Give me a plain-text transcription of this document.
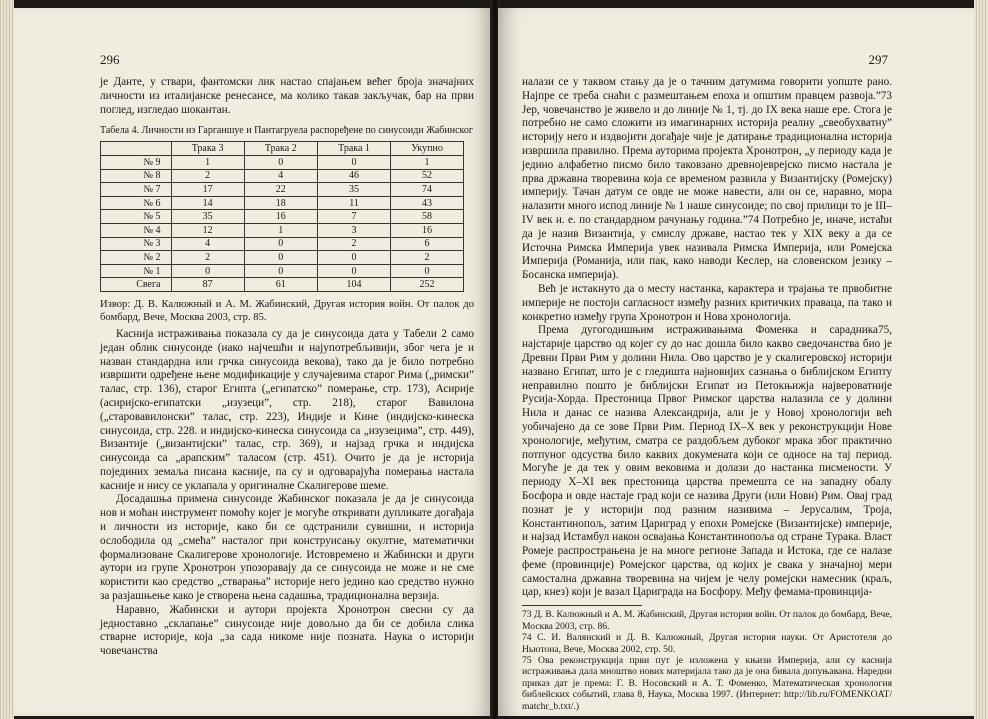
296

је Данте, у ствари, фантомски лик настао спајањем већег броја значајних личности из италијанске ренесансе, ма колико такав закључак, бар на први поглед, изгледао шокантан.

Табела 4. Личности из Гарганшуе и Пантагруела распоређене по синусоиди Жабинског
	Трака 3	Трака 2	Трака 1	Укупно
№ 9	1	0	0	1
№ 8	2	4	46	52
№ 7	17	22	35	74
№ 6	14	18	11	43
№ 5	35	16	7	58
№ 4	12	1	3	16
№ 3	4	0	2	6
№ 2	2	0	0	2
№ 1	0	0	0	0
Свега	87	61	104	252

Извор: Д. В. Калюжный и А. М. Жабинский, Другая история войн. От палок до бомбард, Вече, Москва 2003, стр. 85.

Каснија истраживања показала су да је синусоида дата у Табели 2 само један облик синусоиде (иако најчешћи и најупотребљивији, због чега је и назван стандардна или грчка синусоида векова), тако да је било потребно извршити одређене њене модификације у случајевима старог Рима („римски” талас, стр. 136), старог Египта („египатско” померање, стр. 173), Асирије (асиријско-египатски „изузеци”, стр. 218), старог Вавилона („старовавилонски” талас, стр. 223), Индије и Кине (индијско-кинеска синусоида, стр. 228. и индијско-кинеска синусоида са „изузецима”, стр. 449), Византије („византијски” талас, стр. 369), и најзад грчка и индијска синусоида са „арапским” таласом (стр. 451). Очито је да је историја појединих земаља писана касније, па су и одговарајућа померања настала касније и нису се уклапала у оригиналне Скалигерове шеме.

Досадашња примена синусоиде Жабинског показала је да је синусоида нов и моћан инструмент помоћу којег је могуће откривати дупликате догађаја и личности из историје, како би се одстранили сувишни, и историја ослободила од „смећа” насталог при конструисању окултне, математички формализоване Скалигерове хронологије. Истовремено и Жабински и други аутори из групе Хронотрон упозоравају да се синусоида не може и не сме користити као средство „стварања” историје него једино као средство нужно за разјашњење како је створена њена садашња, традиционална верзија.

Наравно, Жабински и аутори пројекта Хронотрон свесни су да једноставно „склапање” синусоиде није довољно да би се добила слика стварне историје, која „за сада никоме није позната. Наука о историји човечанства

297

налази се у таквом стању да је о тачним датумима говорити уопште рано. Најпре се треба снаћи с размештањем епоха и општим правцем развоја.”73 Јер, човечанство је живело и до линије № 1, тј. до IX века наше ере. Стога је потребно не само сложити из имагинарних историја реалну „свеобухватну” историју него и издвојити догађаје чије је датирање традиционална историја извршила правилно. Према ауторима пројекта Хронотрон, „у периоду када је једино алфабетно писмо било таковзано древнојеврејско писмо настала је прва државна творевина која се временом развила у Византијску (Ромејску) империју. Тачан датум се овде не може навести, али он се, наравно, мора налазити много испод линије № 1 наше синусоиде; по свој прилици то је III–IV век н. е. по стандардном рачунању година.”74 Потребно је, иначе, истаћи да је назив Византија, у смислу државе, настао тек у XIX веку а да се Источна Римска Империја увек називала Римска Империја, или Ромејска Империја (Романија, или пак, како наводи Кеслер, на словенском језику – Босанска империја).

Већ је истакнуто да о месту настанка, карактера и трајања те првобитне империје не постоји сагласност између разних критичких праваца, па тако и конкретно између група Хронотрон и Нова хронологија.

Према дугогодишњим истраживањима Фоменка и сарадника75, најстарије царство од којег су до нас дошла било какво сведочанства био је Древни Први Рим у долини Нила. Ово царство је у скалигеровској историји названо Египат, што је с гледишта најновијих сазнања о библијском Египту неправилно пошто је библијски Египат из Петокњижја највероватније Русија-Хорда. Престоница Првог Римског царства налазила се у долини Нила и данас се назива Александрија, али је у Новој хронологији већ уобичајено да се зове Први Рим. Период IX–X век у реконструкцији Нове хронологије, међутим, сматра се раздобљем дубоког мрака због практично потпуног одсуства било каквих докумената који се односе на тај период. Могуће је да тек у овим вековима и долази до настанка писмености. У периоду X–XI век престоница царства премешта се на западну обалу Босфора и овде настаје град који се назива Други (или Нови) Рим. Овај град познат је у историји под разним називима – Јерусалим, Троја, Константинопољ, затим Цариград у епохи Ромејске (Византијске) империје, и најзад Истамбул након освајања Константинопоља од стране Турака. Власт Ромеје распрострањена је на многе регионе Запада и Истока, где се налазе феме (провинције) Ромејског царства, од којих је свака у значајној мери самостална државна творевина на чијем је челу ромејски намесник (краљ, цар, кнез) који је вазал Цариграда на Босфору. Међу фемама-провинција-

73 Д. В. Калюжный и А. М. Жабинский, Другая история войн. От палок до бомбард, Вече, Москва 2003, стр. 86.

74 С. И. Валянский и Д. В. Калюжный, Другая история науки. От Аристотеля до Ньютона, Вече, Москва 2002, стр. 50.

75 Ова реконструкција први пут је изложена у књизи Империја, али су каснија истраживања дала мноштво нових материјала тако да је она бивала допуњавана. Наредни приказ дат је према: Г. В. Носовский и А. Т. Фоменко, Математическая хронология библейских событий, глава 8, Наука, Москва 1997. (Интернет: http://lib.ru/FOMENKOAT/ matchr_b.txt/.)
